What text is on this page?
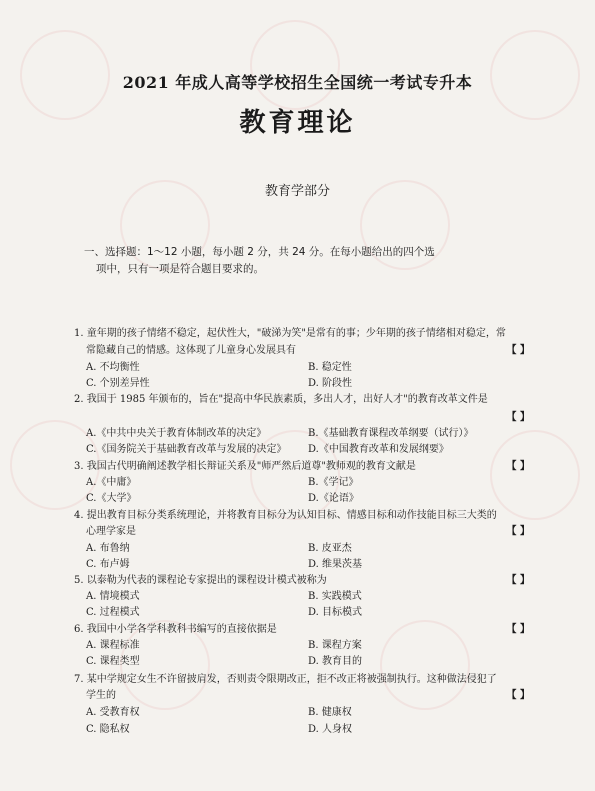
2021 年成人高等学校招生全国统一考试专升本
教育理论
教育学部分
一、选择题：1～12 小题，每小题 2 分，共 24 分。在每小题给出的四个选
项中，只有一项是符合题目要求的。
1. 童年期的孩子情绪不稳定，起伏性大，"破涕为笑"是常有的事；少年期的孩子情绪相对稳定，常
常隐藏自己的情感。这体现了儿童身心发展具有	【 】
A. 不均衡性	B. 稳定性
C. 个别差异性	D. 阶段性
2. 我国于 1985 年颁布的，旨在"提高中华民族素质，多出人才，出好人才"的教育改革文件是
【 】
A.《中共中央关于教育体制改革的决定》	B.《基础教育课程改革纲要（试行）》
C.《国务院关于基础教育改革与发展的决定》 D.《中国教育改革和发展纲要》
3. 我国古代明确阐述教学相长辩证关系及"师严然后道尊"教师观的教育文献是	【 】
A.《中庸》	B.《学记》
C.《大学》	D.《论语》
4. 提出教育目标分类系统理论，并将教育目标分为认知目标、情感目标和动作技能目标三大类的
心理学家是	【 】
A. 布鲁纳	B. 皮亚杰
C. 布卢姆	D. 维果茨基
5. 以泰勒为代表的课程论专家提出的课程设计模式被称为	【 】
A. 情境模式	B. 实践模式
C. 过程模式	D. 目标模式
6. 我国中小学各学科教科书编写的直接依据是	【 】
A. 课程标准	B. 课程方案
C. 课程类型	D. 教育目的
7. 某中学规定女生不许留披肩发，否则责令限期改正，拒不改正将被强制执行。这种做法侵犯了
学生的	【 】
A. 受教育权	B. 健康权
C. 隐私权	D. 人身权
